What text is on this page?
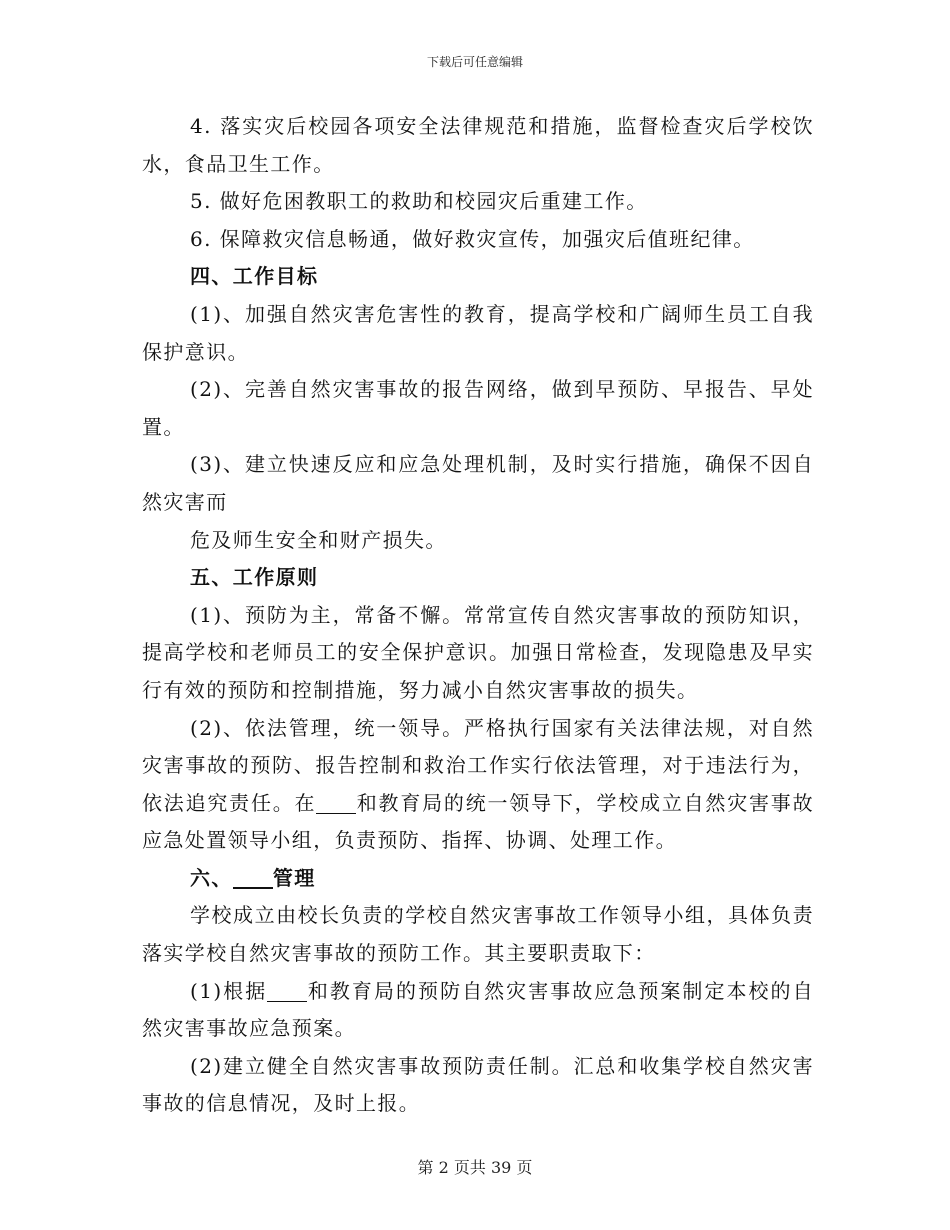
下载后可任意编辑

4. 落实灾后校园各项安全法律规范和措施，监督检查灾后学校饮水，食品卫生工作。

5. 做好危困教职工的救助和校园灾后重建工作。

6. 保障救灾信息畅通，做好救灾宣传，加强灾后值班纪律。

四、工作目标

(1)、加强自然灾害危害性的教育，提高学校和广阔师生员工自我保护意识。

(2)、完善自然灾害事故的报告网络，做到早预防、早报告、早处置。

(3)、建立快速反应和应急处理机制，及时实行措施，确保不因自然灾害而

危及师生安全和财产损失。

五、工作原则

(1)、预防为主，常备不懈。常常宣传自然灾害事故的预防知识，提高学校和老师员工的安全保护意识。加强日常检查，发现隐患及早实行有效的预防和控制措施，努力减小自然灾害事故的损失。

(2)、依法管理，统一领导。严格执行国家有关法律法规，对自然灾害事故的预防、报告控制和救治工作实行依法管理，对于违法行为，依法追究责任。在 和教育局的统一领导下，学校成立自然灾害事故应急处置领导小组，负责预防、指挥、协调、处理工作。

六、 管理

学校成立由校长负责的学校自然灾害事故工作领导小组，具体负责落实学校自然灾害事故的预防工作。其主要职责取下：

(1)根据 和教育局的预防自然灾害事故应急预案制定本校的自然灾害事故应急预案。

(2)建立健全自然灾害事故预防责任制。汇总和收集学校自然灾害事故的信息情况，及时上报。

第 2 页共 39 页
